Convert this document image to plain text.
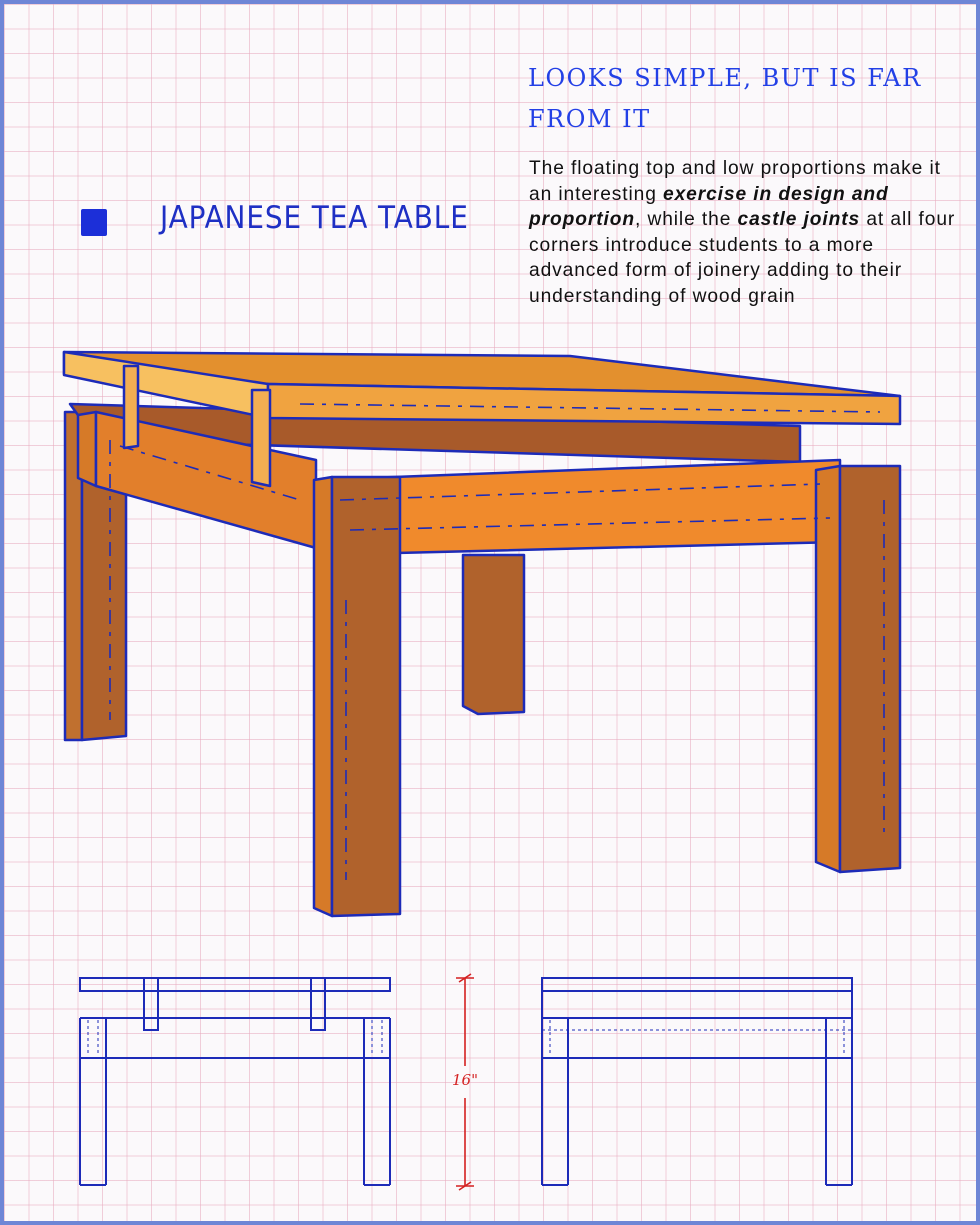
LOOKS SIMPLE, BUT IS FAR FROM IT

The floating top and low proportions make it an interesting exercise in design and proportion, while the castle joints at all four corners introduce students to a more advanced form of joinery adding to their understanding of wood grain

JAPANESE TEA TABLE
16"
